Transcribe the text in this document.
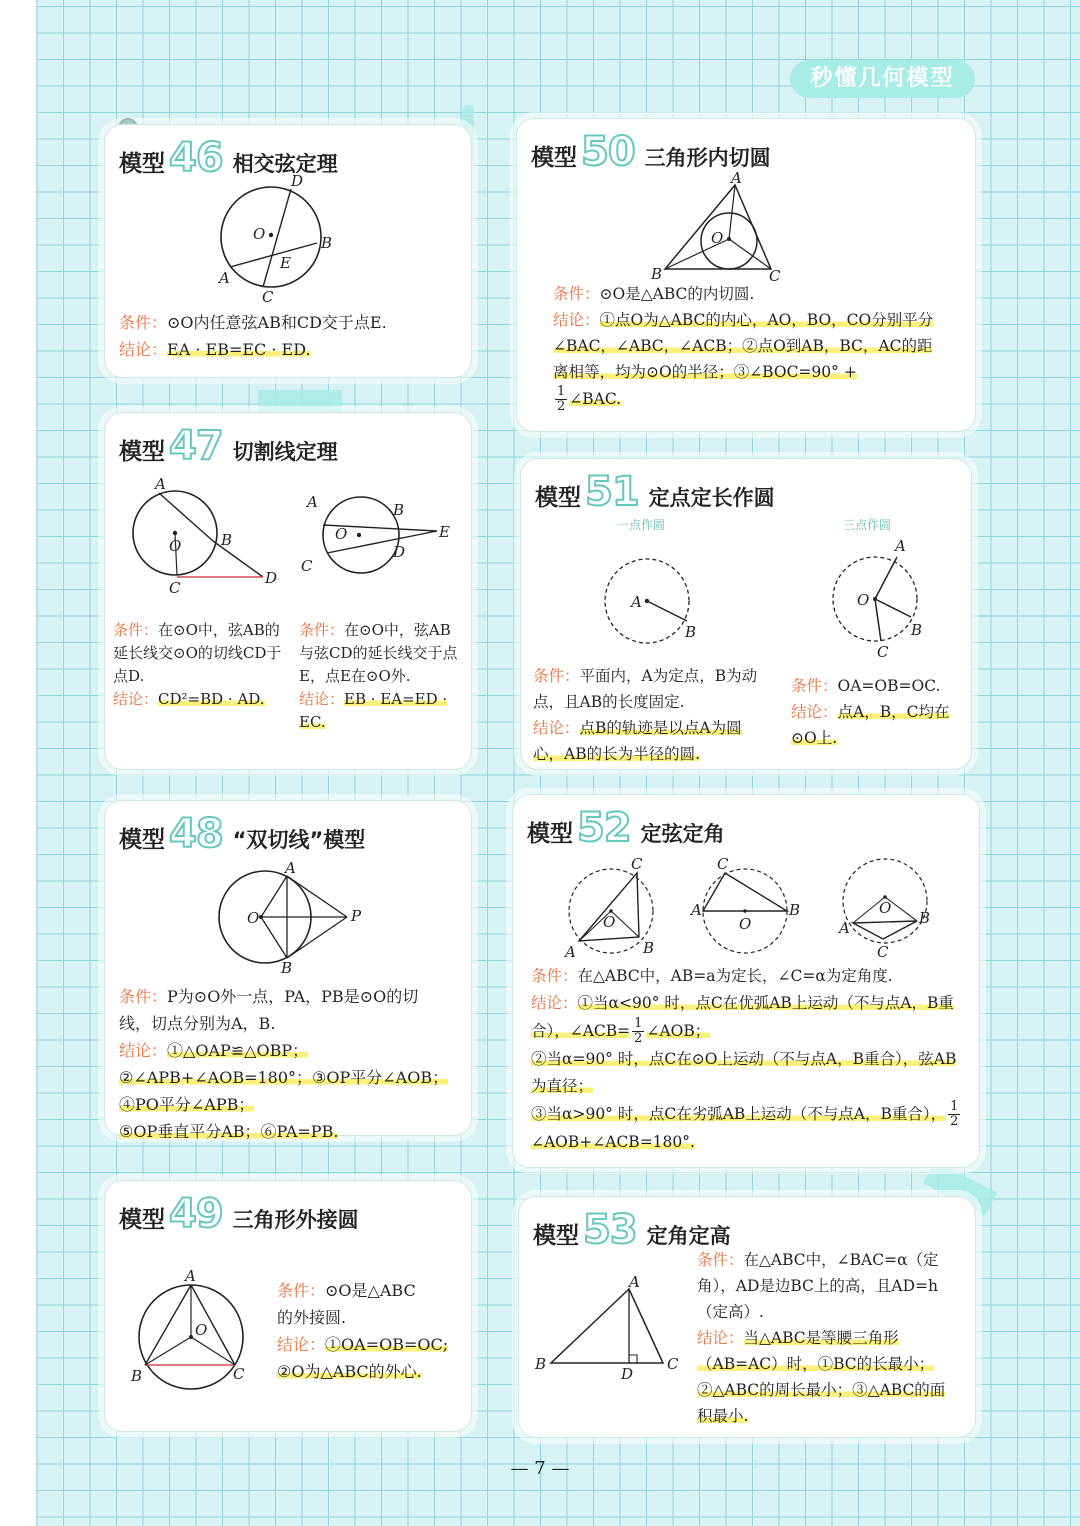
秒懂几何模型
模型 46 相交弦定理
O
D
B
E
A
C
条件：⊙O内任意弦AB和CD交于点E.
结论：EA · EB=EC · ED.
模型 47 切割线定理
O
A
B
C
D
O
A	B
E
D
C
条件：在⊙O中，弦AB的延长线交⊙O的切线CD于点D.
结论：CD²=BD · AD.
条件：在⊙O中，弦AB与弦CD的延长线交于点E，点E在⊙O外.
结论：EB · EA=ED · EC.
模型 48 “双切线”模型
O
A
P
B
条件：P为⊙O外一点，PA，PB是⊙O的切线，切点分别为A，B.
结论：①△OAP≌△OBP；②∠APB+∠AOB=180°；③OP平分∠AOB；④PO平分∠APB；
⑤OP垂直平分AB；⑥PA=PB.
模型 49 三角形外接圆
O
A
B	C
条件：⊙O是△ABC
的外接圆.
结论：①OA=OB=OC;
②O为△ABC的外心.
模型 50 三角形内切圆
O
A
B	C
条件：⊙O是△ABC的内切圆.
结论：①点O为△ABC的内心，AO，BO，CO分别平分∠BAC，∠ABC，∠ACB；②点O到AB，BC，AC的距离相等，均为⊙O的半径；③∠BOC=90° +

$\frac{1}{2}$ ∠BAC.
模型 51 定点定长作圆
一点作圆
A
B
三点作圆
O
A
B
C
条件：平面内，A为定点，B为动点，且AB的长度固定.
结论：点B的轨迹是以点A为圆心，AB的长为半径的圆.
条件：OA=OB=OC.
结论：点A，B，C均在⊙O上.
模型 52 定弦定角
O
C
A	B
O
C
A	B	O
A
B
C
条件：在△ABC中，AB=a为定长，∠C=α为定角度.
结论：①当α<90° 时，点C在优弧AB上运动（不与点A，B重合），∠ACB= $\frac{1}{2}$ ∠AOB；
②当α=90° 时，点C在⊙O上运动（不与点A，B重合），弦AB为直径；
③当α>90° 时，点C在劣弧AB上运动（不与点A，B重合）， $\frac{1}{2}$
∠AOB+∠ACB=180°.
模型 53 定角定高
A
B
D
C
条件：在△ABC中，∠BAC=α（定角），AD是边BC上的高，且AD=h（定高）.
结论：当△ABC是等腰三角形（AB=AC）时，①BC的长最小；②△ABC的周长最小；③△ABC的面积最小.
— 7 —
